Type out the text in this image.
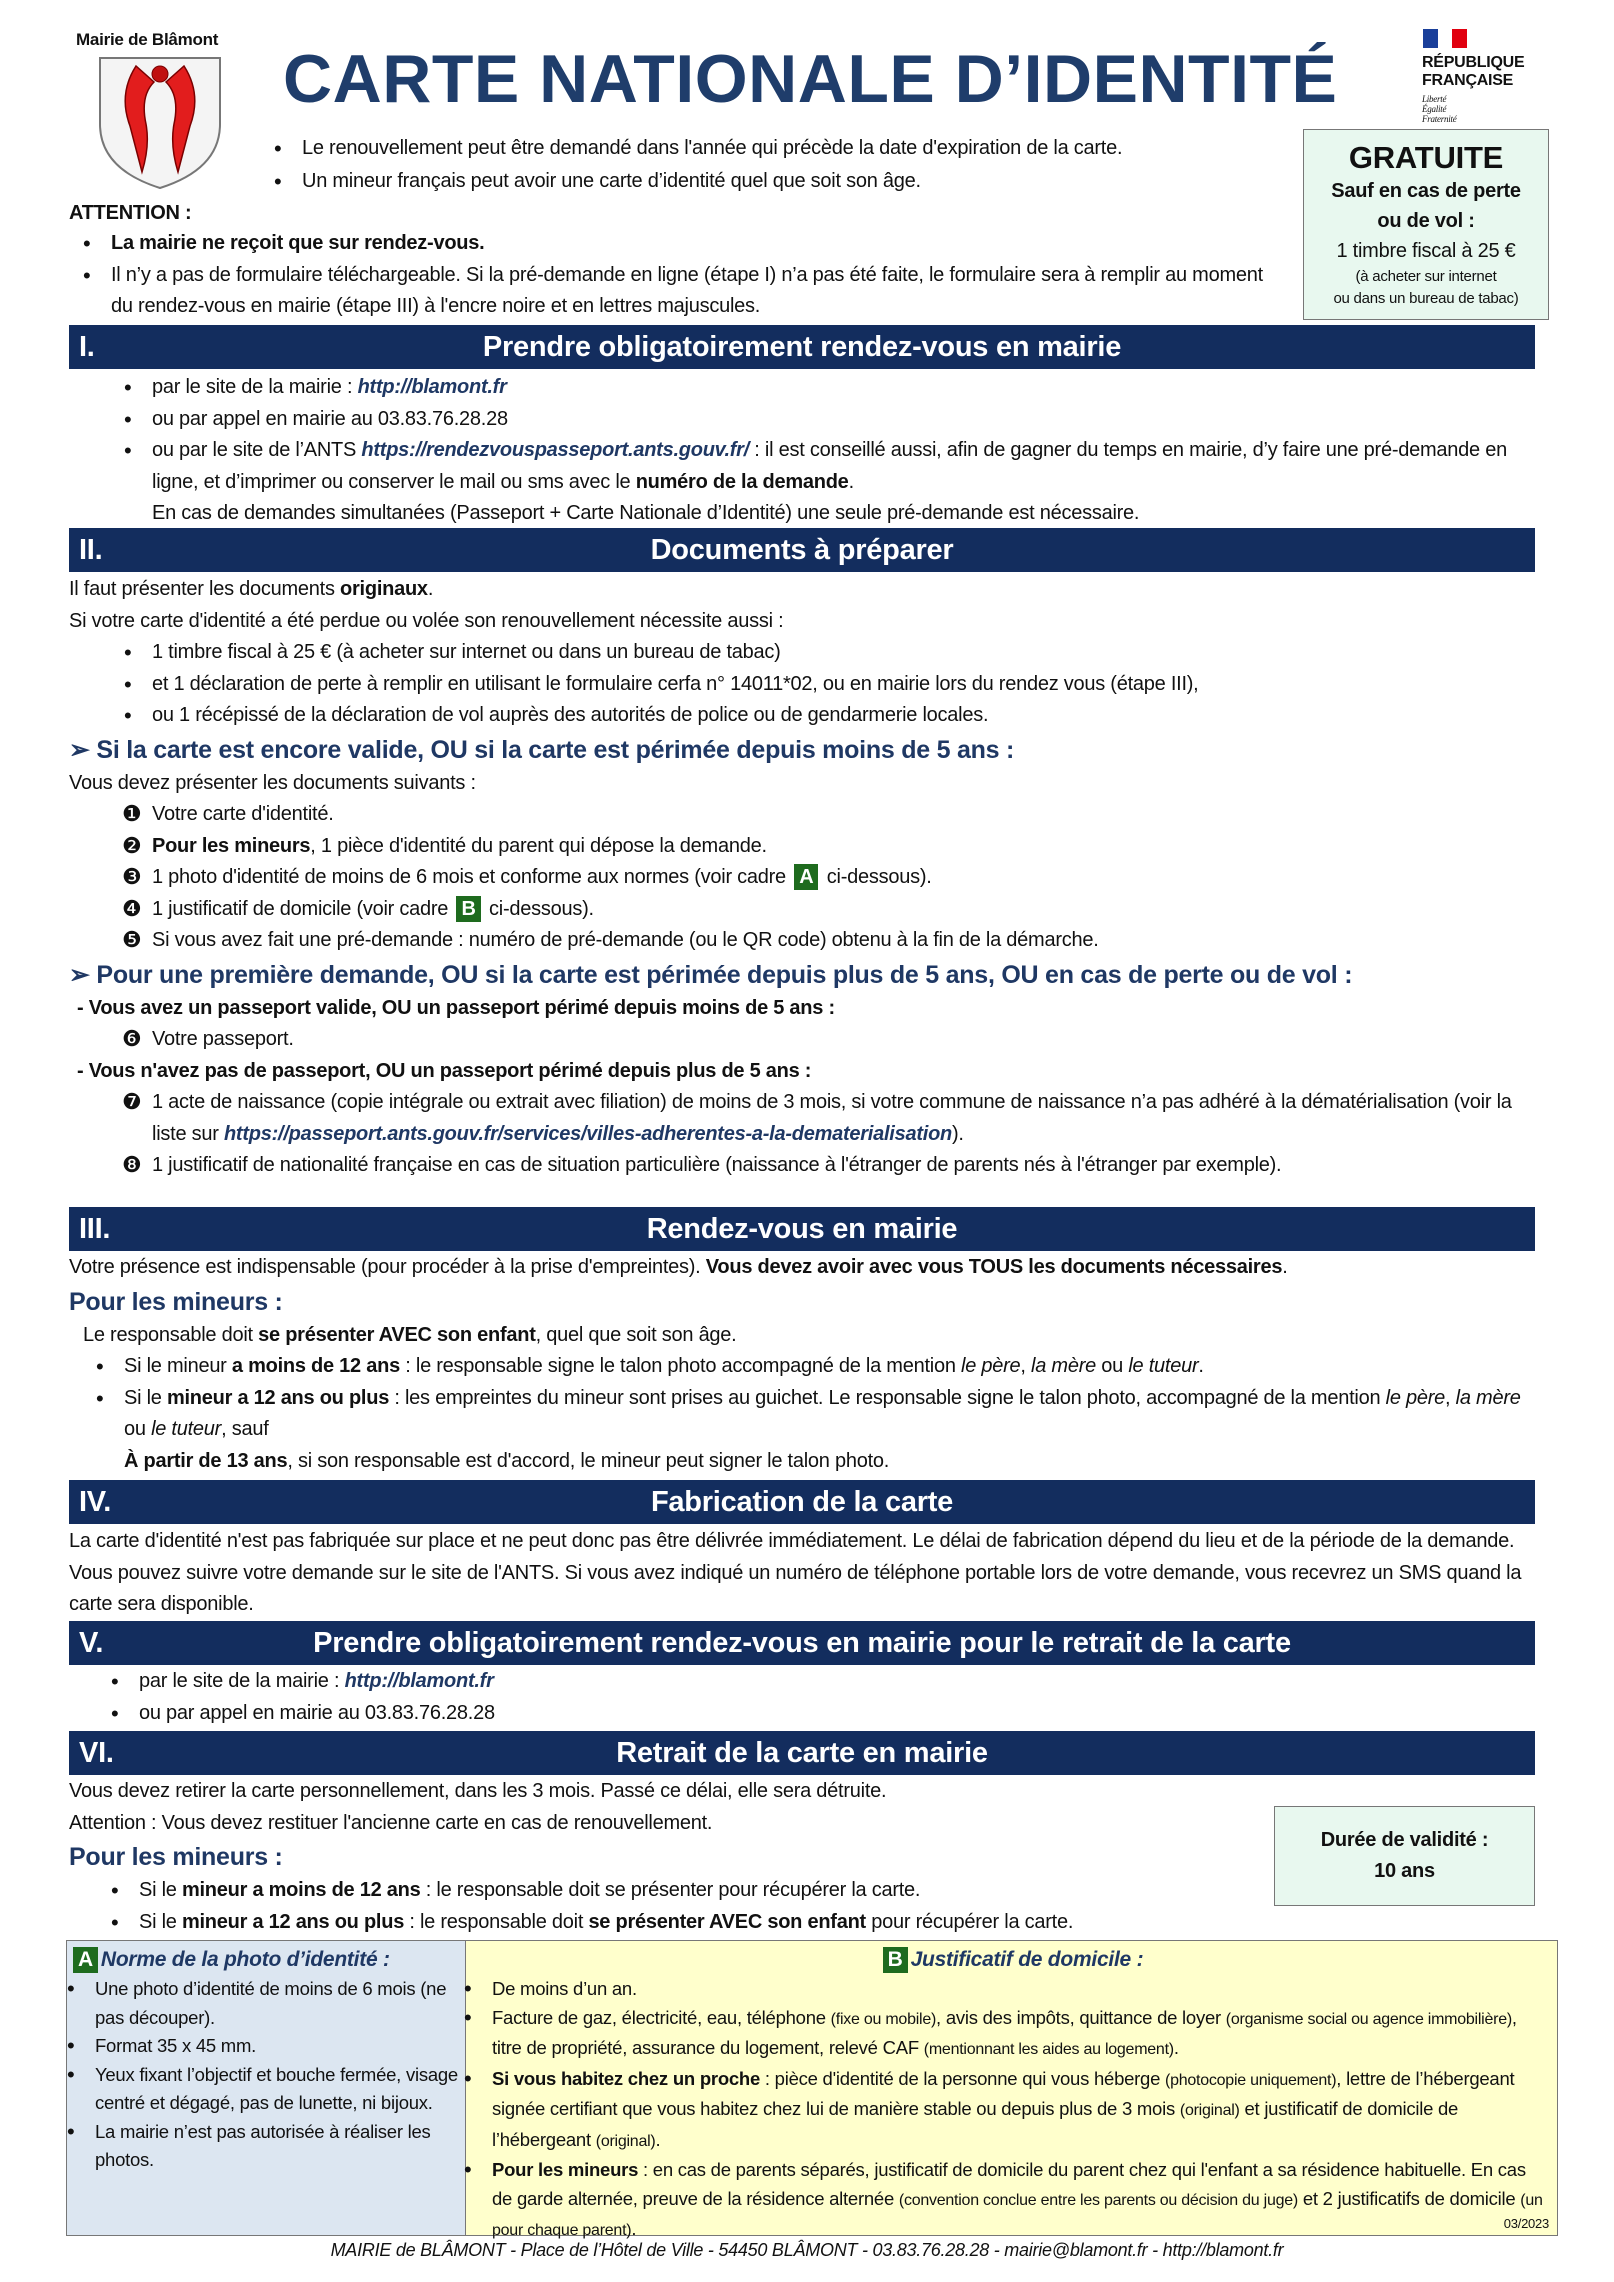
Mairie de Blâmont
CARTE NATIONALE D’IDENTITÉ	RÉPUBLIQUE
FRANÇAISE
Liberté
Égalité
Fraternité
• Le renouvellement peut être demandé dans l'année qui précède la date d'expiration de la carte.
• Un mineur français peut avoir une carte d’identité quel que soit son âge.
GRATUITE
Sauf en cas de perte
ou de vol :
1 timbre fiscal à 25 €
(à acheter sur internet
ou dans un bureau de tabac)
ATTENTION :
• La mairie ne reçoit que sur rendez-vous.
• Il n’y a pas de formulaire téléchargeable. Si la pré-demande en ligne (étape I) n’a pas été faite, le formulaire sera à remplir au moment du rendez-vous en mairie (étape III) à l'encre noire et en lettres majuscules.
I.	Prendre obligatoirement rendez-vous en mairie
• par le site de la mairie : http://blamont.fr
• ou par appel en mairie au 03.83.76.28.28
• ou par le site de l’ANTS https://rendezvouspasseport.ants.gouv.fr/ : il est conseillé aussi, afin de gagner du temps en mairie, d’y faire une pré-demande en ligne, et d’imprimer ou conserver le mail ou sms avec le numéro de la demande.
En cas de demandes simultanées (Passeport + Carte Nationale d’Identité) une seule pré-demande est nécessaire.
II.	Documents à préparer
Il faut présenter les documents originaux.
Si votre carte d'identité a été perdue ou volée son renouvellement nécessite aussi :
• 1 timbre fiscal à 25 € (à acheter sur internet ou dans un bureau de tabac)
• et 1 déclaration de perte à remplir en utilisant le formulaire cerfa n° 14011*02, ou en mairie lors du rendez vous (étape III),
• ou 1 récépissé de la déclaration de vol auprès des autorités de police ou de gendarmerie locales.
➢ Si la carte est encore valide, OU si la carte est périmée depuis moins de 5 ans :
Vous devez présenter les documents suivants :
❶ Votre carte d'identité.
❷ Pour les mineurs, 1 pièce d'identité du parent qui dépose la demande.
❸ 1 photo d'identité de moins de 6 mois et conforme aux normes (voir cadre A ci-dessous).
❹ 1 justificatif de domicile (voir cadre B ci-dessous).
❺ Si vous avez fait une pré-demande : numéro de pré-demande (ou le QR code) obtenu à la fin de la démarche.
➢ Pour une première demande, OU si la carte est périmée depuis plus de 5 ans, OU en cas de perte ou de vol :
- Vous avez un passeport valide, OU un passeport périmé depuis moins de 5 ans :
❻ Votre passeport.
- Vous n'avez pas de passeport, OU un passeport périmé depuis plus de 5 ans :
❼ 1 acte de naissance (copie intégrale ou extrait avec filiation) de moins de 3 mois, si votre commune de naissance n’a pas adhéré à la dématérialisation (voir la liste sur https://passeport.ants.gouv.fr/services/villes-adherentes-a-la-dematerialisation).
❽ 1 justificatif de nationalité française en cas de situation particulière (naissance à l'étranger de parents nés à l'étranger par exemple).
III.	Rendez-vous en mairie
Votre présence est indispensable (pour procéder à la prise d'empreintes). Vous devez avoir avec vous TOUS les documents nécessaires.
Pour les mineurs :
Le responsable doit se présenter AVEC son enfant, quel que soit son âge.
• Si le mineur a moins de 12 ans : le responsable signe le talon photo accompagné de la mention le père, la mère ou le tuteur.
• Si le mineur a 12 ans ou plus : les empreintes du mineur sont prises au guichet. Le responsable signe le talon photo, accompagné de la mention le père, la mère ou le tuteur, sauf
À partir de 13 ans, si son responsable est d'accord, le mineur peut signer le talon photo.
IV.	Fabrication de la carte
La carte d'identité n'est pas fabriquée sur place et ne peut donc pas être délivrée immédiatement. Le délai de fabrication dépend du lieu et de la période de la demande. Vous pouvez suivre votre demande sur le site de l'ANTS. Si vous avez indiqué un numéro de téléphone portable lors de votre demande, vous recevrez un SMS quand la carte sera disponible.
V.	Prendre obligatoirement rendez-vous en mairie pour le retrait de la carte
• par le site de la mairie : http://blamont.fr
• ou par appel en mairie au 03.83.76.28.28
VI.	Retrait de la carte en mairie
Vous devez retirer la carte personnellement, dans les 3 mois. Passé ce délai, elle sera détruite.
Attention : Vous devez restituer l'ancienne carte en cas de renouvellement.
Pour les mineurs :
• Si le mineur a moins de 12 ans : le responsable doit se présenter pour récupérer la carte.
• Si le mineur a 12 ans ou plus : le responsable doit se présenter AVEC son enfant pour récupérer la carte.
Durée de validité :
10 ans
A Norme de la photo d’identité :
• Une photo d’identité de moins de 6 mois (ne pas découper).
• Format 35 x 45 mm.
• Yeux fixant l’objectif et bouche fermée, visage centré et dégagé, pas de lunette, ni bijoux.
• La mairie n’est pas autorisée à réaliser les photos.
B Justificatif de domicile :
• De moins d’un an.
• Facture de gaz, électricité, eau, téléphone (fixe ou mobile), avis des impôts, quittance de loyer (organisme social ou agence immobilière), titre de propriété, assurance du logement, relevé CAF (mentionnant les aides au logement).
• Si vous habitez chez un proche : pièce d'identité de la personne qui vous héberge (photocopie uniquement), lettre de l’hébergeant signée certifiant que vous habitez chez lui de manière stable ou depuis plus de 3 mois (original) et justificatif de domicile de l’hébergeant (original).
• Pour les mineurs : en cas de parents séparés, justificatif de domicile du parent chez qui l'enfant a sa résidence habituelle. En cas de garde alternée, preuve de la résidence alternée (convention conclue entre les parents ou décision du juge) et 2 justificatifs de domicile (un pour chaque parent).	03/2023
MAIRIE de BLÂMONT - Place de l’Hôtel de Ville - 54450 BLÂMONT - 03.83.76.28.28 - mairie@blamont.fr - http://blamont.fr
